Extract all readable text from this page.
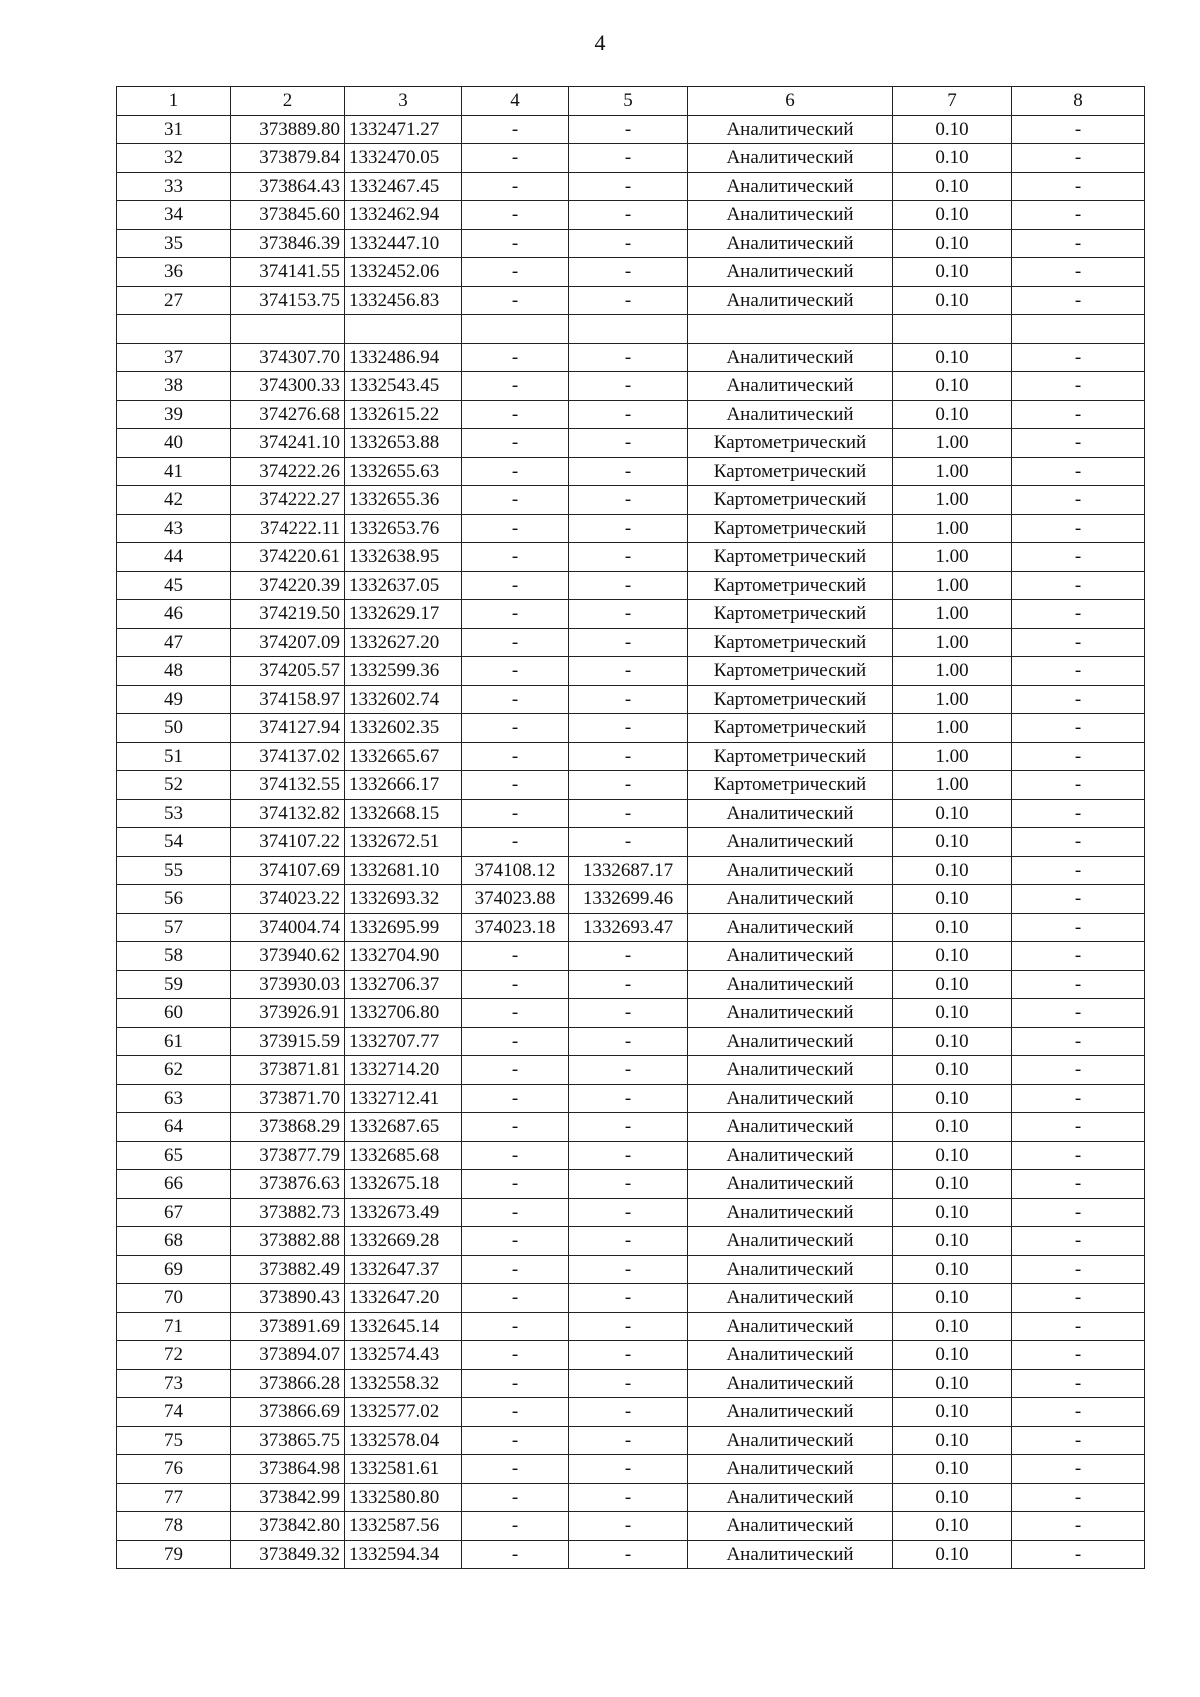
4
1	2	3	4	5	6	7	8
31	373889.80	1332471.27	-	-	Аналитический	0.10	-
32	373879.84	1332470.05	-	-	Аналитический	0.10	-
33	373864.43	1332467.45	-	-	Аналитический	0.10	-
34	373845.60	1332462.94	-	-	Аналитический	0.10	-
35	373846.39	1332447.10	-	-	Аналитический	0.10	-
36	374141.55	1332452.06	-	-	Аналитический	0.10	-
27	374153.75	1332456.83	-	-	Аналитический	0.10	-

37	374307.70	1332486.94	-	-	Аналитический	0.10	-
38	374300.33	1332543.45	-	-	Аналитический	0.10	-
39	374276.68	1332615.22	-	-	Аналитический	0.10	-
40	374241.10	1332653.88	-	-	Картометрический	1.00	-
41	374222.26	1332655.63	-	-	Картометрический	1.00	-
42	374222.27	1332655.36	-	-	Картометрический	1.00	-
43	374222.11	1332653.76	-	-	Картометрический	1.00	-
44	374220.61	1332638.95	-	-	Картометрический	1.00	-
45	374220.39	1332637.05	-	-	Картометрический	1.00	-
46	374219.50	1332629.17	-	-	Картометрический	1.00	-
47	374207.09	1332627.20	-	-	Картометрический	1.00	-
48	374205.57	1332599.36	-	-	Картометрический	1.00	-
49	374158.97	1332602.74	-	-	Картометрический	1.00	-
50	374127.94	1332602.35	-	-	Картометрический	1.00	-
51	374137.02	1332665.67	-	-	Картометрический	1.00	-
52	374132.55	1332666.17	-	-	Картометрический	1.00	-
53	374132.82	1332668.15	-	-	Аналитический	0.10	-
54	374107.22	1332672.51	-	-	Аналитический	0.10	-
55	374107.69	1332681.10	374108.12	1332687.17	Аналитический	0.10	-
56	374023.22	1332693.32	374023.88	1332699.46	Аналитический	0.10	-
57	374004.74	1332695.99	374023.18	1332693.47	Аналитический	0.10	-
58	373940.62	1332704.90	-	-	Аналитический	0.10	-
59	373930.03	1332706.37	-	-	Аналитический	0.10	-
60	373926.91	1332706.80	-	-	Аналитический	0.10	-
61	373915.59	1332707.77	-	-	Аналитический	0.10	-
62	373871.81	1332714.20	-	-	Аналитический	0.10	-
63	373871.70	1332712.41	-	-	Аналитический	0.10	-
64	373868.29	1332687.65	-	-	Аналитический	0.10	-
65	373877.79	1332685.68	-	-	Аналитический	0.10	-
66	373876.63	1332675.18	-	-	Аналитический	0.10	-
67	373882.73	1332673.49	-	-	Аналитический	0.10	-
68	373882.88	1332669.28	-	-	Аналитический	0.10	-
69	373882.49	1332647.37	-	-	Аналитический	0.10	-
70	373890.43	1332647.20	-	-	Аналитический	0.10	-
71	373891.69	1332645.14	-	-	Аналитический	0.10	-
72	373894.07	1332574.43	-	-	Аналитический	0.10	-
73	373866.28	1332558.32	-	-	Аналитический	0.10	-
74	373866.69	1332577.02	-	-	Аналитический	0.10	-
75	373865.75	1332578.04	-	-	Аналитический	0.10	-
76	373864.98	1332581.61	-	-	Аналитический	0.10	-
77	373842.99	1332580.80	-	-	Аналитический	0.10	-
78	373842.80	1332587.56	-	-	Аналитический	0.10	-
79	373849.32	1332594.34	-	-	Аналитический	0.10	-
